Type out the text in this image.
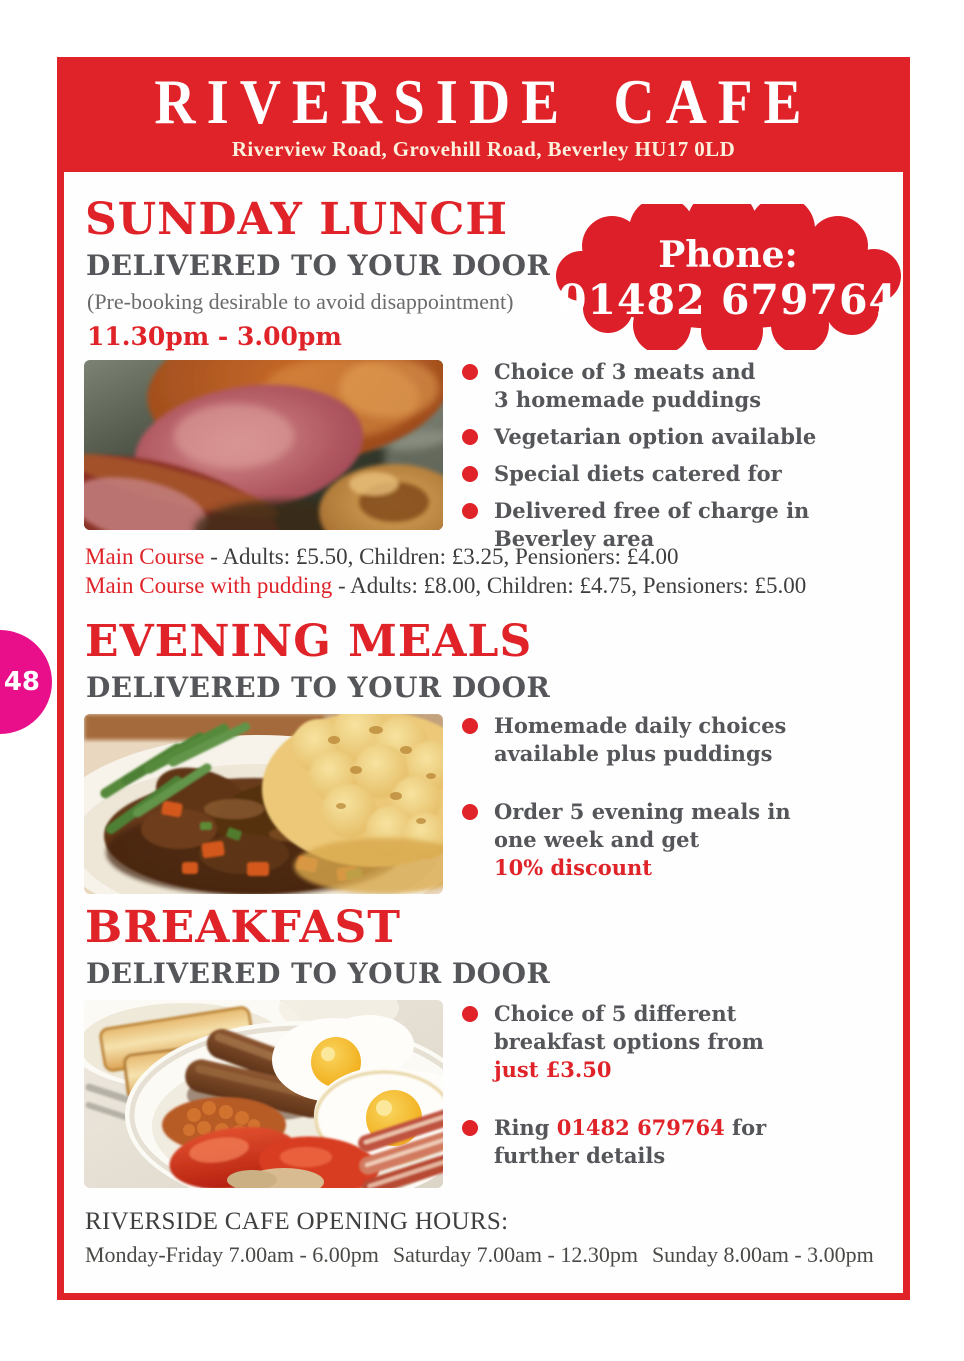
RIVERSIDE CAFE
Riverview Road, Grovehill Road, Beverley HU17 0LD
SUNDAY LUNCH
DELIVERED TO YOUR DOOR
(Pre-booking desirable to avoid disappointment)
11.30pm - 3.00pm
Phone:
01482 679764
Choice of 3 meats and
3 homemade puddings
Vegetarian option available
Special diets catered for
Delivered free of charge in
Beverley area
Main Course - Adults: £5.50, Children: £3.25, Pensioners: £4.00
Main Course with pudding - Adults: £8.00, Children: £4.75, Pensioners: £5.00
EVENING MEALS
DELIVERED TO YOUR DOOR
Homemade daily choices
available plus puddings
Order 5 evening meals in
one week and get
10% discount
BREAKFAST
DELIVERED TO YOUR DOOR
Choice of 5 different
breakfast options from
just £3.50
Ring 01482 679764 for
further details
RIVERSIDE CAFE OPENING HOURS:
Monday-Friday 7.00am - 6.00pm Saturday 7.00am - 12.30pm Sunday 8.00am - 3.00pm
48
